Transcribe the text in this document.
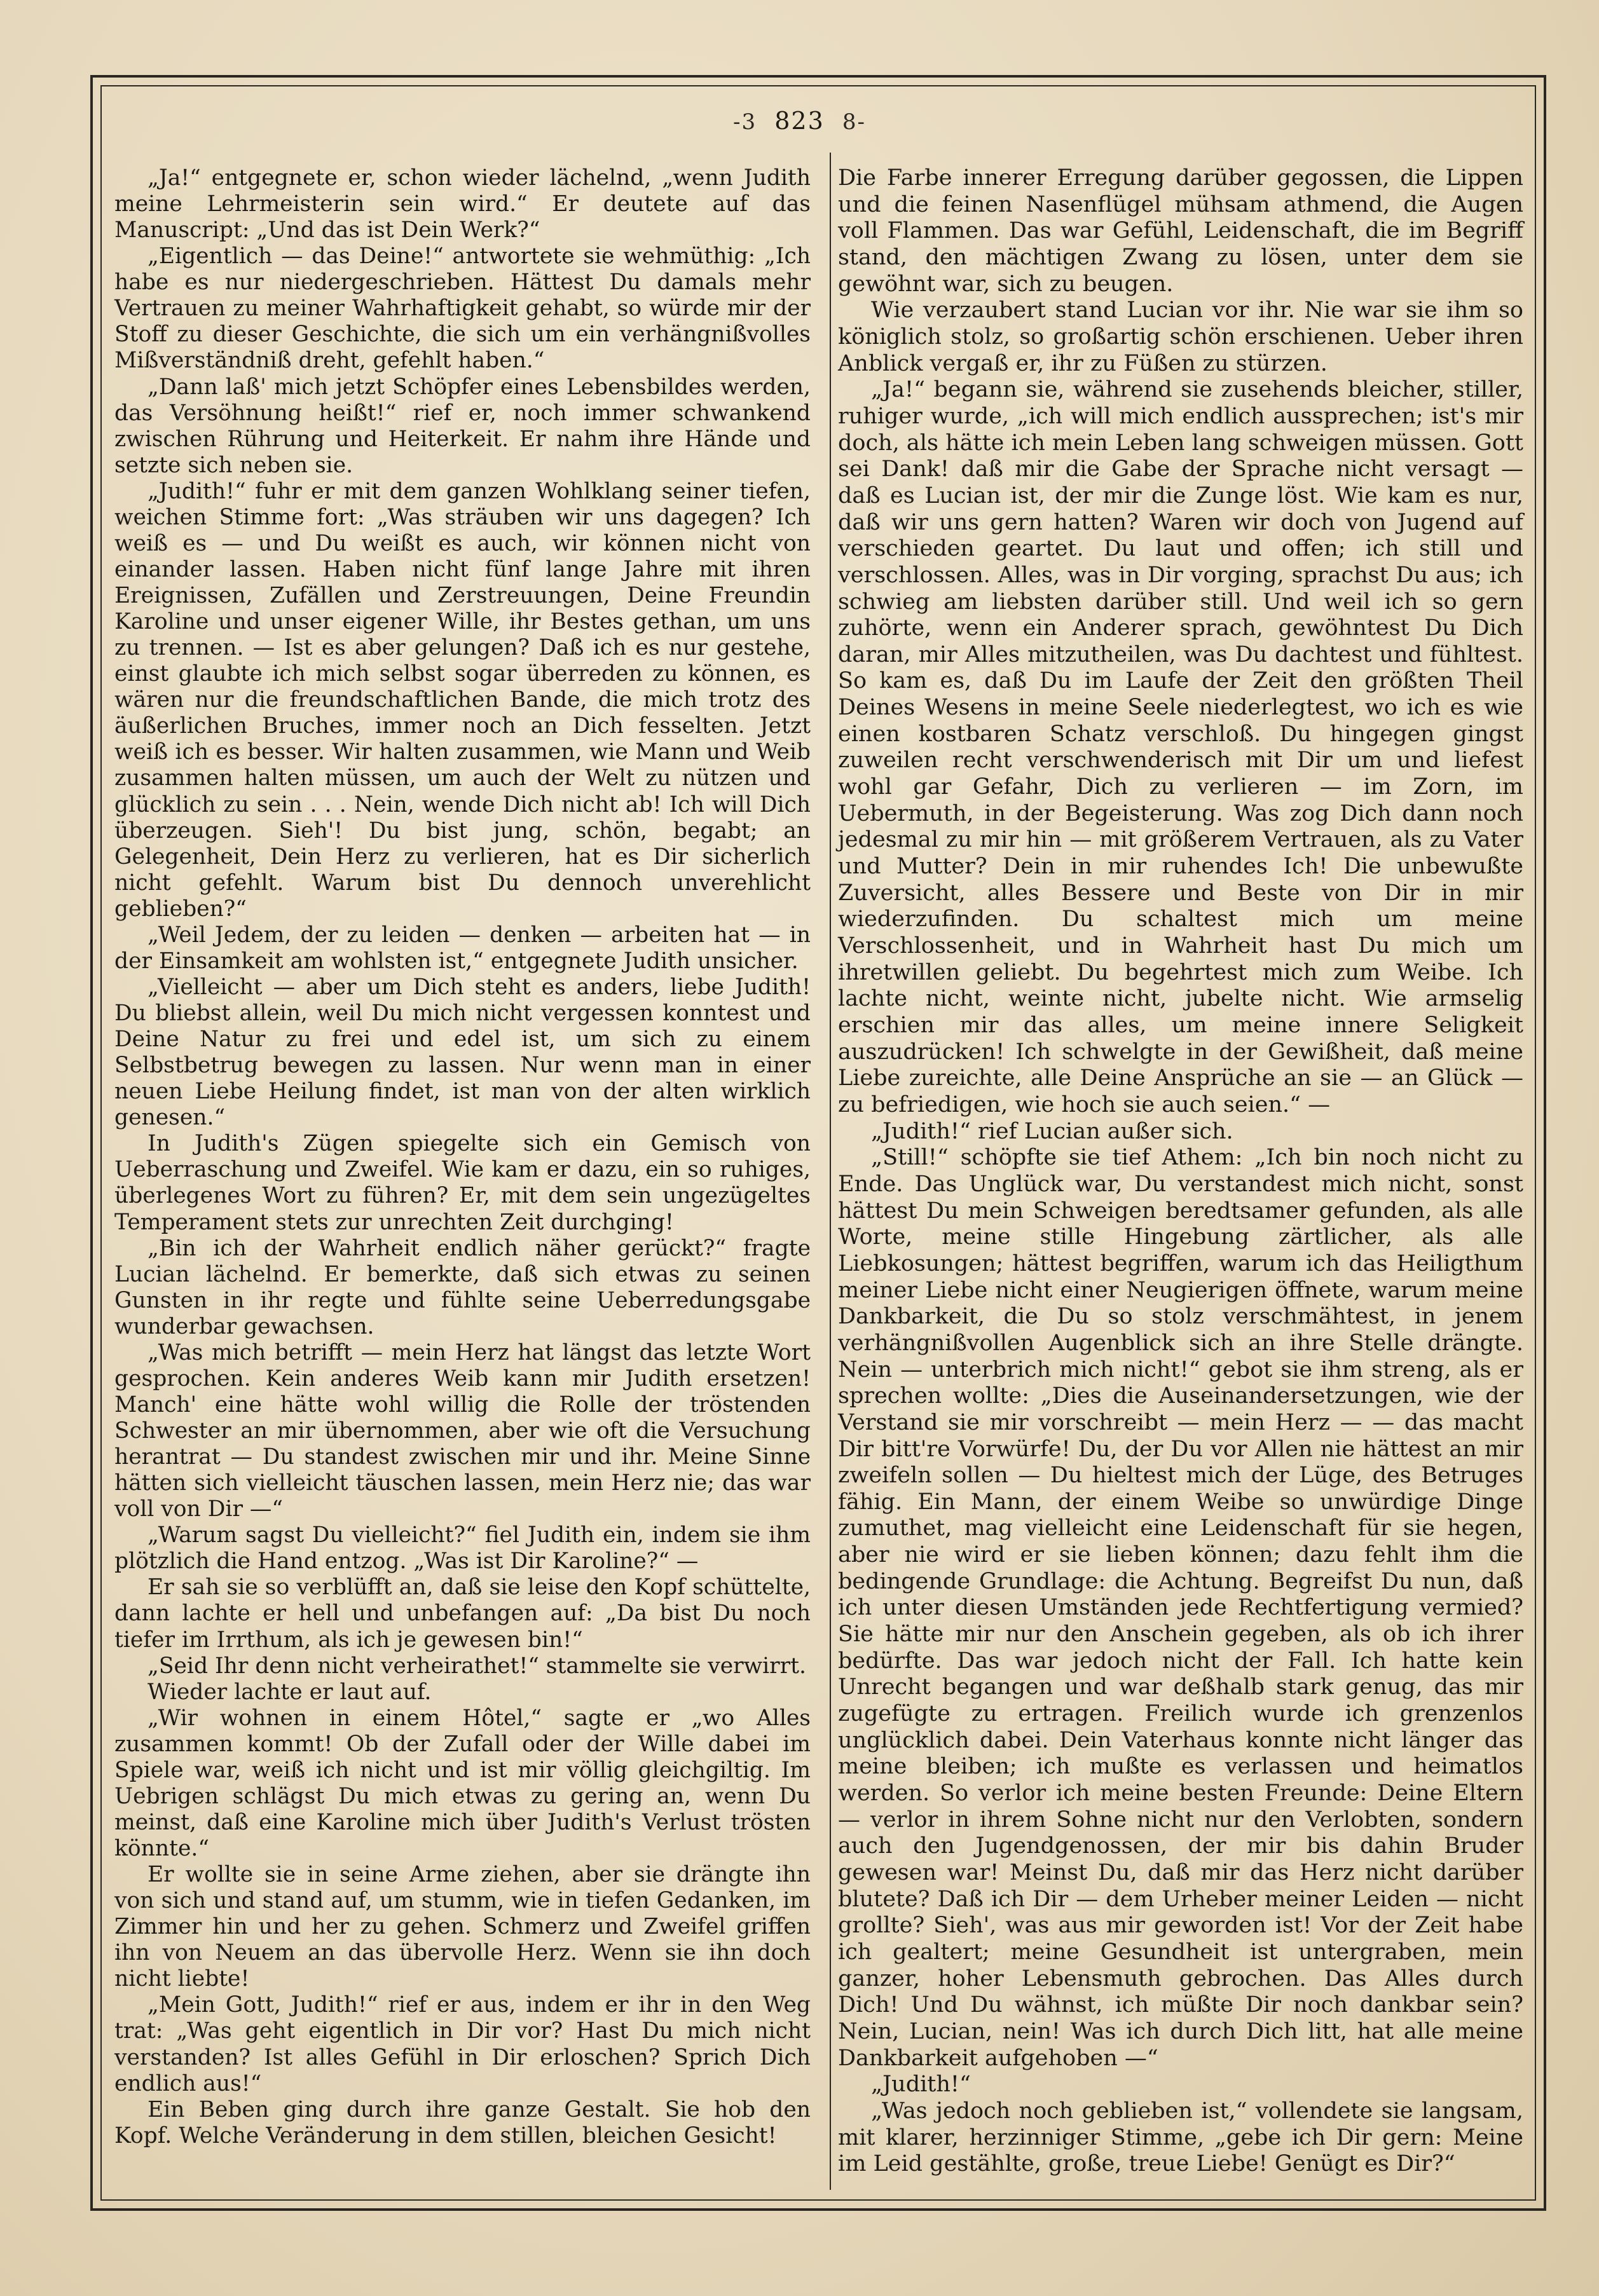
-3 823 8-

„Ja!“ entgegnete er, schon wieder lächelnd, „wenn Judith meine Lehrmeisterin sein wird.“ Er deutete auf das Manuscript: „Und das ist Dein Werk?“

„Eigentlich — das Deine!“ antwortete sie wehmüthig: „Ich habe es nur niedergeschrieben. Hättest Du damals mehr Vertrauen zu meiner Wahrhaftigkeit gehabt, so würde mir der Stoff zu dieser Geschichte, die sich um ein verhängnißvolles Mißverständniß dreht, gefehlt haben.“

„Dann laß' mich jetzt Schöpfer eines Lebensbildes werden, das Versöhnung heißt!“ rief er, noch immer schwankend zwischen Rührung und Heiterkeit. Er nahm ihre Hände und setzte sich neben sie.

„Judith!“ fuhr er mit dem ganzen Wohlklang seiner tiefen, weichen Stimme fort: „Was sträuben wir uns dagegen? Ich weiß es — und Du weißt es auch, wir können nicht von einander lassen. Haben nicht fünf lange Jahre mit ihren Ereignissen, Zufällen und Zerstreuungen, Deine Freundin Karoline und unser eigener Wille, ihr Bestes gethan, um uns zu trennen. — Ist es aber gelungen? Daß ich es nur gestehe, einst glaubte ich mich selbst sogar überreden zu können, es wären nur die freundschaftlichen Bande, die mich trotz des äußerlichen Bruches, immer noch an Dich fesselten. Jetzt weiß ich es besser. Wir halten zusammen, wie Mann und Weib zusammen halten müssen, um auch der Welt zu nützen und glücklich zu sein . . . Nein, wende Dich nicht ab! Ich will Dich überzeugen. Sieh'! Du bist jung, schön, begabt; an Gelegenheit, Dein Herz zu verlieren, hat es Dir sicherlich nicht gefehlt. Warum bist Du dennoch unverehlicht geblieben?“

„Weil Jedem, der zu leiden — denken — arbeiten hat — in der Einsamkeit am wohlsten ist,“ entgegnete Judith unsicher.

„Vielleicht — aber um Dich steht es anders, liebe Judith! Du bliebst allein, weil Du mich nicht vergessen konntest und Deine Natur zu frei und edel ist, um sich zu einem Selbstbetrug bewegen zu lassen. Nur wenn man in einer neuen Liebe Heilung findet, ist man von der alten wirklich genesen.“

In Judith's Zügen spiegelte sich ein Gemisch von Ueberraschung und Zweifel. Wie kam er dazu, ein so ruhiges, überlegenes Wort zu führen? Er, mit dem sein ungezügeltes Temperament stets zur unrechten Zeit durchging!

„Bin ich der Wahrheit endlich näher gerückt?“ fragte Lucian lächelnd. Er bemerkte, daß sich etwas zu seinen Gunsten in ihr regte und fühlte seine Ueberredungsgabe wunderbar gewachsen.

„Was mich betrifft — mein Herz hat längst das letzte Wort gesprochen. Kein anderes Weib kann mir Judith ersetzen! Manch' eine hätte wohl willig die Rolle der tröstenden Schwester an mir übernommen, aber wie oft die Versuchung herantrat — Du standest zwischen mir und ihr. Meine Sinne hätten sich vielleicht täuschen lassen, mein Herz nie; das war voll von Dir —“

„Warum sagst Du vielleicht?“ fiel Judith ein, indem sie ihm plötzlich die Hand entzog. „Was ist Dir Karoline?“ —

Er sah sie so verblüfft an, daß sie leise den Kopf schüttelte, dann lachte er hell und unbefangen auf: „Da bist Du noch tiefer im Irrthum, als ich je gewesen bin!“

„Seid Ihr denn nicht verheirathet!“ stammelte sie verwirrt.

Wieder lachte er laut auf.

„Wir wohnen in einem Hôtel,“ sagte er „wo Alles zusammen kommt! Ob der Zufall oder der Wille dabei im Spiele war, weiß ich nicht und ist mir völlig gleichgiltig. Im Uebrigen schlägst Du mich etwas zu gering an, wenn Du meinst, daß eine Karoline mich über Judith's Verlust trösten könnte.“

Er wollte sie in seine Arme ziehen, aber sie drängte ihn von sich und stand auf, um stumm, wie in tiefen Gedanken, im Zimmer hin und her zu gehen. Schmerz und Zweifel griffen ihn von Neuem an das übervolle Herz. Wenn sie ihn doch nicht liebte!

„Mein Gott, Judith!“ rief er aus, indem er ihr in den Weg trat: „Was geht eigentlich in Dir vor? Hast Du mich nicht verstanden? Ist alles Gefühl in Dir erloschen? Sprich Dich endlich aus!“

Ein Beben ging durch ihre ganze Gestalt. Sie hob den Kopf. Welche Veränderung in dem stillen, bleichen Gesicht!

Die Farbe innerer Erregung darüber gegossen, die Lippen und die feinen Nasenflügel mühsam athmend, die Augen voll Flammen. Das war Gefühl, Leidenschaft, die im Begriff stand, den mächtigen Zwang zu lösen, unter dem sie gewöhnt war, sich zu beugen.

Wie verzaubert stand Lucian vor ihr. Nie war sie ihm so königlich stolz, so großartig schön erschienen. Ueber ihren Anblick vergaß er, ihr zu Füßen zu stürzen.

„Ja!“ begann sie, während sie zusehends bleicher, stiller, ruhiger wurde, „ich will mich endlich aussprechen; ist's mir doch, als hätte ich mein Leben lang schweigen müssen. Gott sei Dank! daß mir die Gabe der Sprache nicht versagt — daß es Lucian ist, der mir die Zunge löst. Wie kam es nur, daß wir uns gern hatten? Waren wir doch von Jugend auf verschieden geartet. Du laut und offen; ich still und verschlossen. Alles, was in Dir vorging, sprachst Du aus; ich schwieg am liebsten darüber still. Und weil ich so gern zuhörte, wenn ein Anderer sprach, gewöhntest Du Dich daran, mir Alles mitzutheilen, was Du dachtest und fühltest. So kam es, daß Du im Laufe der Zeit den größten Theil Deines Wesens in meine Seele niederlegtest, wo ich es wie einen kostbaren Schatz verschloß. Du hingegen gingst zuweilen recht verschwenderisch mit Dir um und liefest wohl gar Gefahr, Dich zu verlieren — im Zorn, im Uebermuth, in der Begeisterung. Was zog Dich dann noch jedesmal zu mir hin — mit größerem Vertrauen, als zu Vater und Mutter? Dein in mir ruhendes Ich! Die unbewußte Zuversicht, alles Bessere und Beste von Dir in mir wiederzufinden. Du schaltest mich um meine Verschlossenheit, und in Wahrheit hast Du mich um ihretwillen geliebt. Du begehrtest mich zum Weibe. Ich lachte nicht, weinte nicht, jubelte nicht. Wie armselig erschien mir das alles, um meine innere Seligkeit auszudrücken! Ich schwelgte in der Gewißheit, daß meine Liebe zureichte, alle Deine Ansprüche an sie — an Glück — zu befriedigen, wie hoch sie auch seien.“ —

„Judith!“ rief Lucian außer sich.

„Still!“ schöpfte sie tief Athem: „Ich bin noch nicht zu Ende. Das Unglück war, Du verstandest mich nicht, sonst hättest Du mein Schweigen beredtsamer gefunden, als alle Worte, meine stille Hingebung zärtlicher, als alle Liebkosungen; hättest begriffen, warum ich das Heiligthum meiner Liebe nicht einer Neugierigen öffnete, warum meine Dankbarkeit, die Du so stolz verschmähtest, in jenem verhängnißvollen Augenblick sich an ihre Stelle drängte. Nein — unterbrich mich nicht!“ gebot sie ihm streng, als er sprechen wollte: „Dies die Auseinandersetzungen, wie der Verstand sie mir vorschreibt — mein Herz — — das macht Dir bitt're Vorwürfe! Du, der Du vor Allen nie hättest an mir zweifeln sollen — Du hieltest mich der Lüge, des Betruges fähig. Ein Mann, der einem Weibe so unwürdige Dinge zumuthet, mag vielleicht eine Leidenschaft für sie hegen, aber nie wird er sie lieben können; dazu fehlt ihm die bedingende Grundlage: die Achtung. Begreifst Du nun, daß ich unter diesen Umständen jede Rechtfertigung vermied? Sie hätte mir nur den Anschein gegeben, als ob ich ihrer bedürfte. Das war jedoch nicht der Fall. Ich hatte kein Unrecht begangen und war deßhalb stark genug, das mir zugefügte zu ertragen. Freilich wurde ich grenzenlos unglücklich dabei. Dein Vaterhaus konnte nicht länger das meine bleiben; ich mußte es verlassen und heimatlos werden. So verlor ich meine besten Freunde: Deine Eltern — verlor in ihrem Sohne nicht nur den Verlobten, sondern auch den Jugendgenossen, der mir bis dahin Bruder gewesen war! Meinst Du, daß mir das Herz nicht darüber blutete? Daß ich Dir — dem Urheber meiner Leiden — nicht grollte? Sieh', was aus mir geworden ist! Vor der Zeit habe ich gealtert; meine Gesundheit ist untergraben, mein ganzer, hoher Lebensmuth gebrochen. Das Alles durch Dich! Und Du wähnst, ich müßte Dir noch dankbar sein? Nein, Lucian, nein! Was ich durch Dich litt, hat alle meine Dankbarkeit aufgehoben —“

„Judith!“

„Was jedoch noch geblieben ist,“ vollendete sie langsam, mit klarer, herzinniger Stimme, „gebe ich Dir gern: Meine im Leid gestählte, große, treue Liebe! Genügt es Dir?“
